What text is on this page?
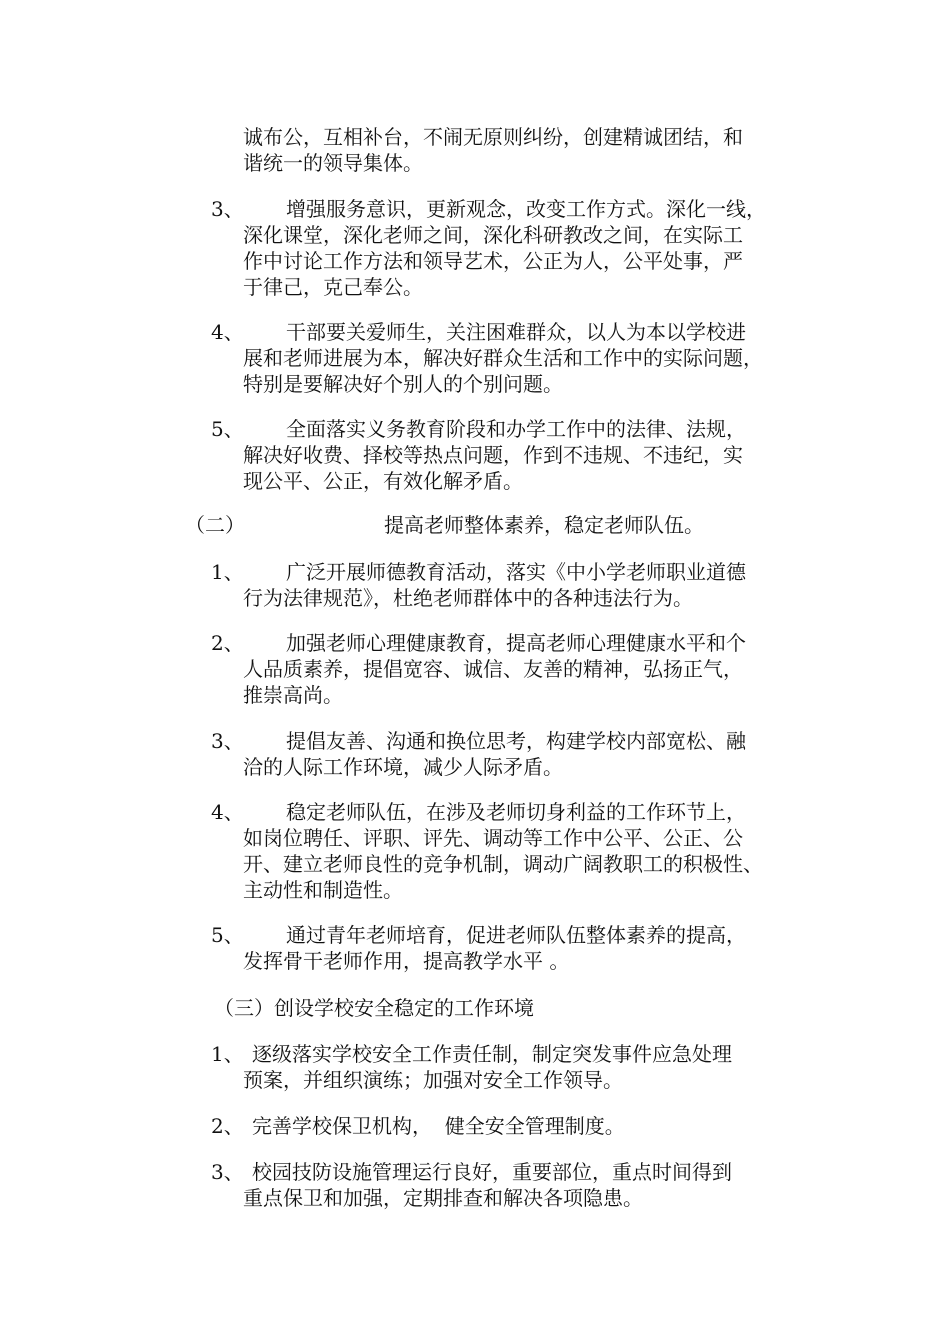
诚布公，互相补台，不闹无原则纠纷，创建精诚团结，和
谐统一的领导集体。
3、 增强服务意识，更新观念，改变工作方式。深化一线，
深化课堂，深化老师之间，深化科研教改之间，在实际工
作中讨论工作方法和领导艺术，公正为人，公平处事，严
于律己，克己奉公。
4、 干部要关爱师生，关注困难群众，以人为本以学校进
展和老师进展为本，解决好群众生活和工作中的实际问题，
特别是要解决好个别人的个别问题。
5、 全面落实义务教育阶段和办学工作中的法律、法规，
解决好收费、择校等热点问题，作到不违规、不违纪，实
现公平、公正，有效化解矛盾。
（二）	提高老师整体素养，稳定老师队伍。
1、 广泛开展师德教育活动，落实《中小学老师职业道德
行为法律规范》，杜绝老师群体中的各种违法行为。
2、 加强老师心理健康教育，提高老师心理健康水平和个
人品质素养，提倡宽容、诚信、友善的精神，弘扬正气，
推崇高尚。
3、 提倡友善、沟通和换位思考，构建学校内部宽松、融
洽的人际工作环境，减少人际矛盾。
4、 稳定老师队伍，在涉及老师切身利益的工作环节上，
如岗位聘任、评职、评先、调动等工作中公平、公正、公
开、建立老师良性的竞争机制，调动广阔教职工的积极性、
主动性和制造性。
5、 通过青年老师培育，促进老师队伍整体素养的提高，
发挥骨干老师作用，提高教学水平 。
（三）创设学校安全稳定的工作环境
1、 逐级落实学校安全工作责任制，制定突发事件应急处理
预案，并组织演练；加强对安全工作领导。
2、 完善学校保卫机构，  健全安全管理制度。
3、 校园技防设施管理运行良好，重要部位，重点时间得到
重点保卫和加强，定期排查和解决各项隐患。
